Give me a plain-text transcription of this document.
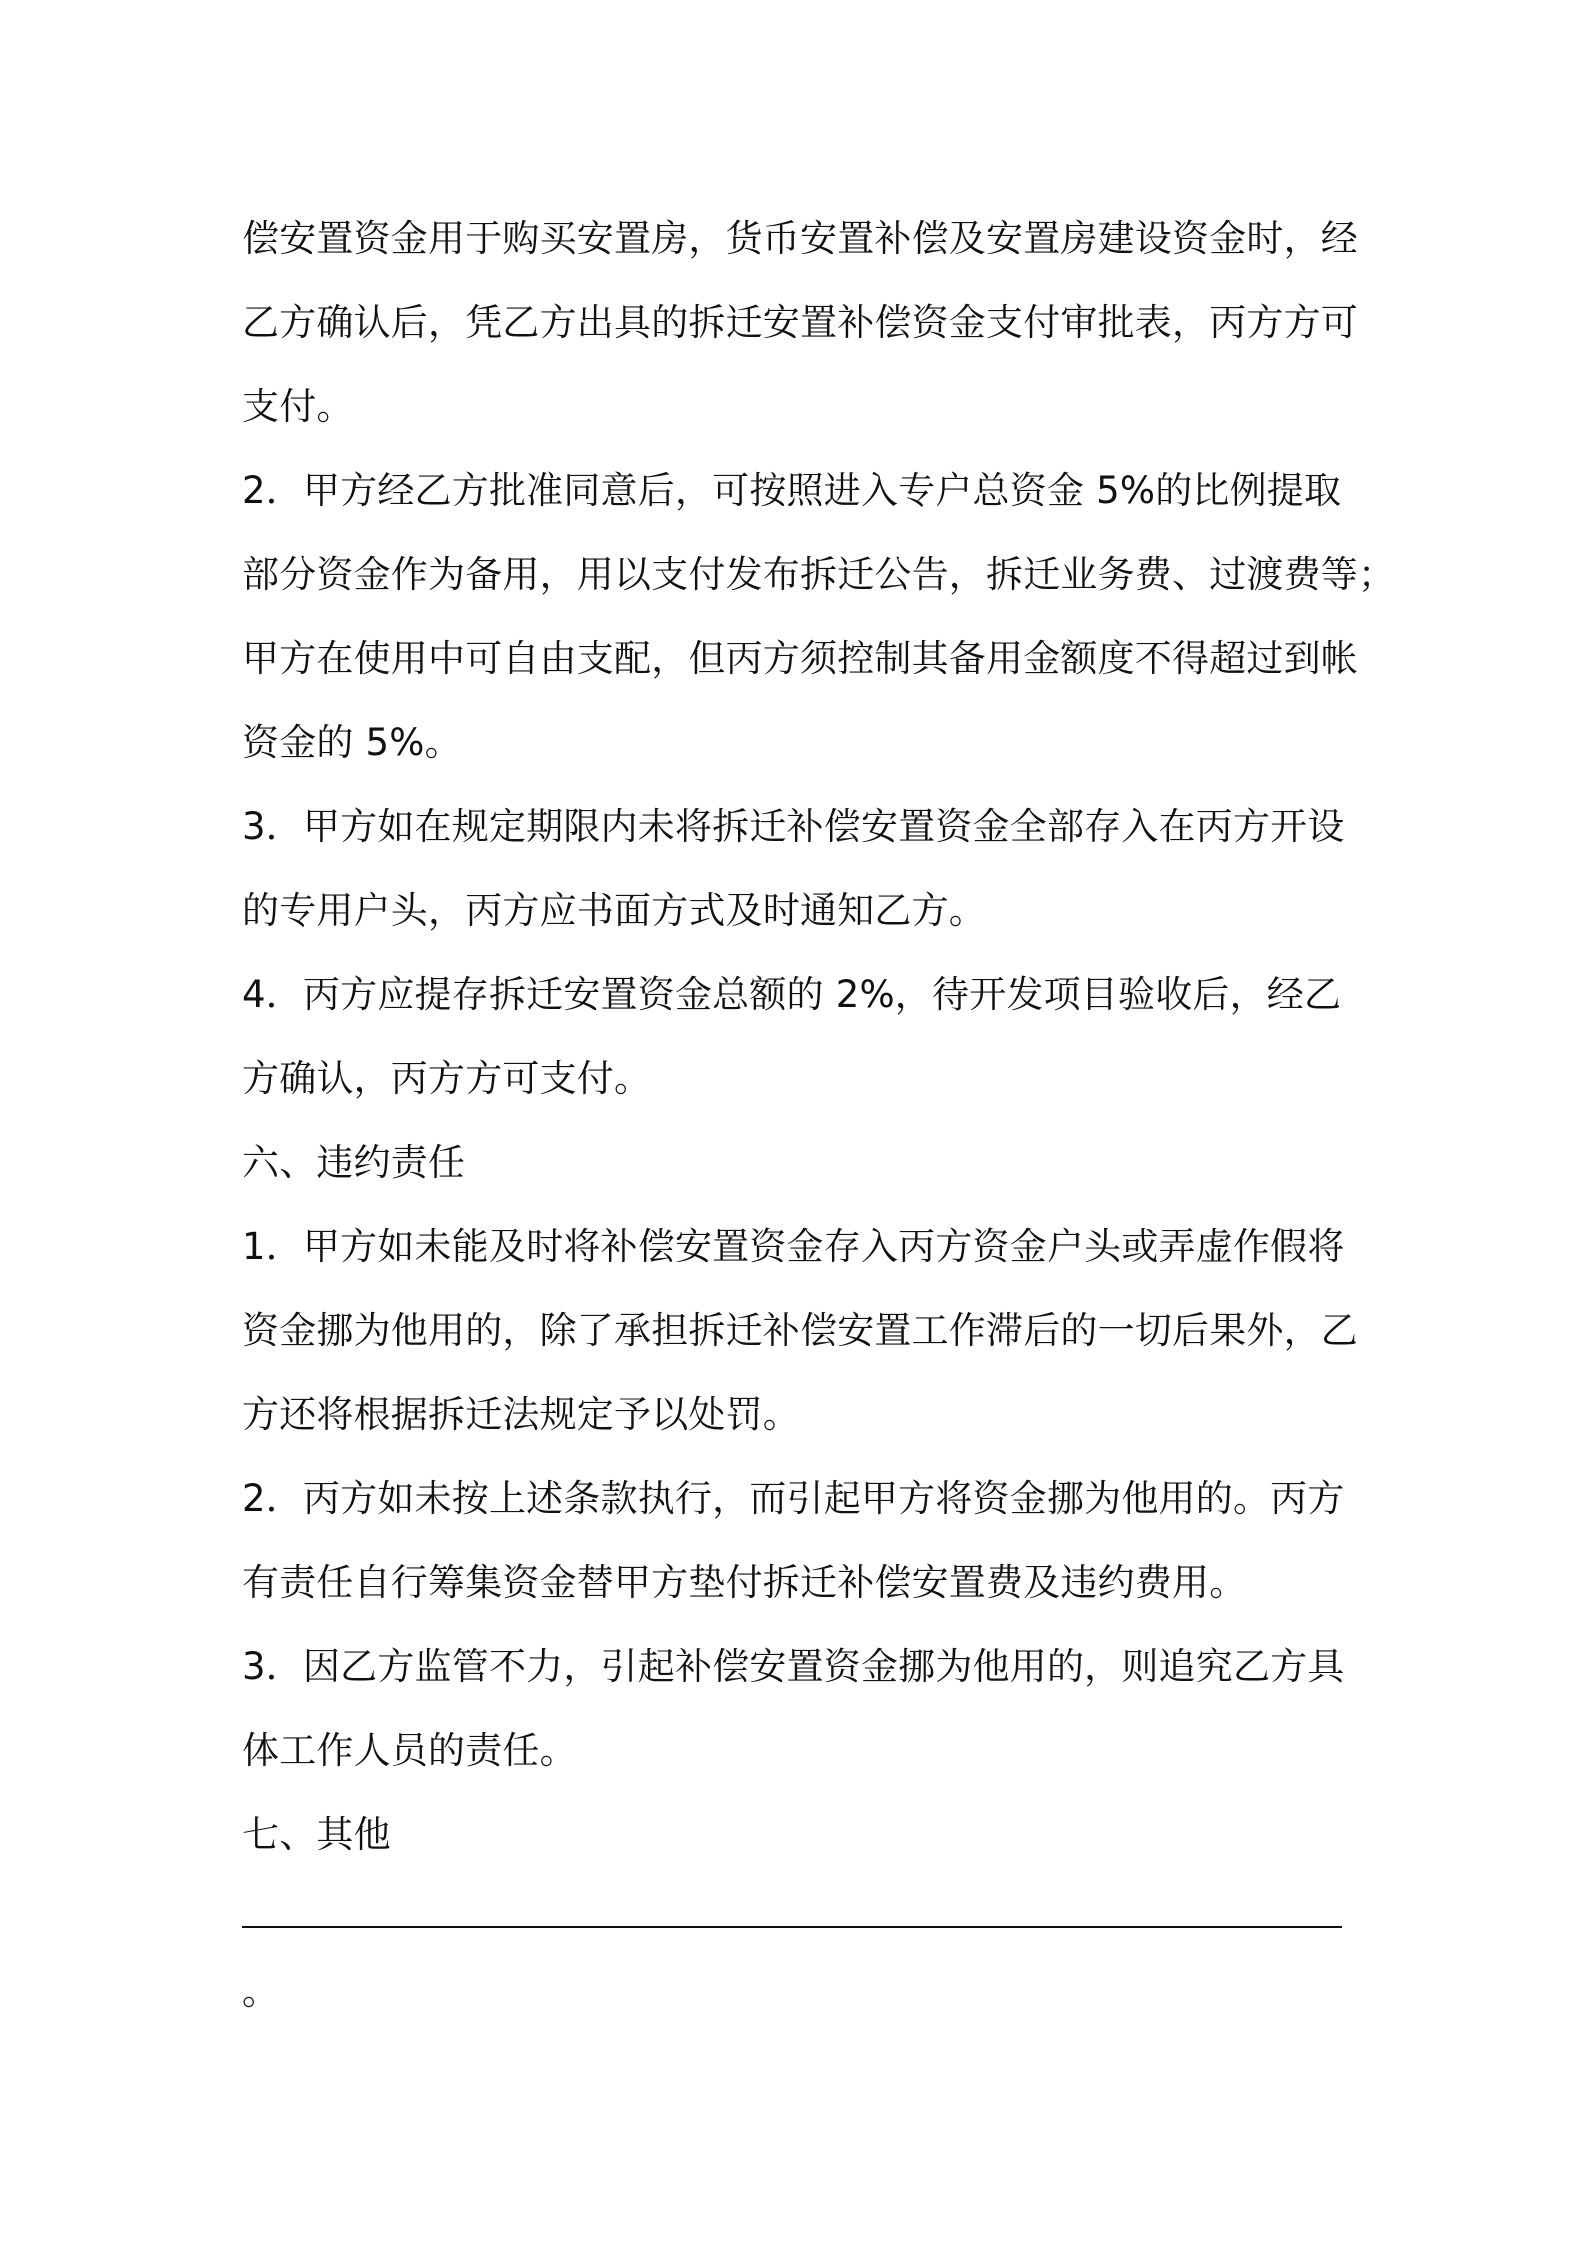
偿安置资金用于购买安置房，货币安置补偿及安置房建设资金时，经
乙方确认后，凭乙方出具的拆迁安置补偿资金支付审批表，丙方方可
支付。
2．甲方经乙方批准同意后，可按照进入专户总资金 5%的比例提取
部分资金作为备用，用以支付发布拆迁公告，拆迁业务费、过渡费等；
甲方在使用中可自由支配，但丙方须控制其备用金额度不得超过到帐
资金的 5%。
3．甲方如在规定期限内未将拆迁补偿安置资金全部存入在丙方开设
的专用户头，丙方应书面方式及时通知乙方。
4．丙方应提存拆迁安置资金总额的 2%，待开发项目验收后，经乙
方确认，丙方方可支付。
六、违约责任
1．甲方如未能及时将补偿安置资金存入丙方资金户头或弄虚作假将
资金挪为他用的，除了承担拆迁补偿安置工作滞后的一切后果外，乙
方还将根据拆迁法规定予以处罚。
2．丙方如未按上述条款执行，而引起甲方将资金挪为他用的。丙方
有责任自行筹集资金替甲方垫付拆迁补偿安置费及违约费用。
3．因乙方监管不力，引起补偿安置资金挪为他用的，则追究乙方具
体工作人员的责任。
七、其他
。
